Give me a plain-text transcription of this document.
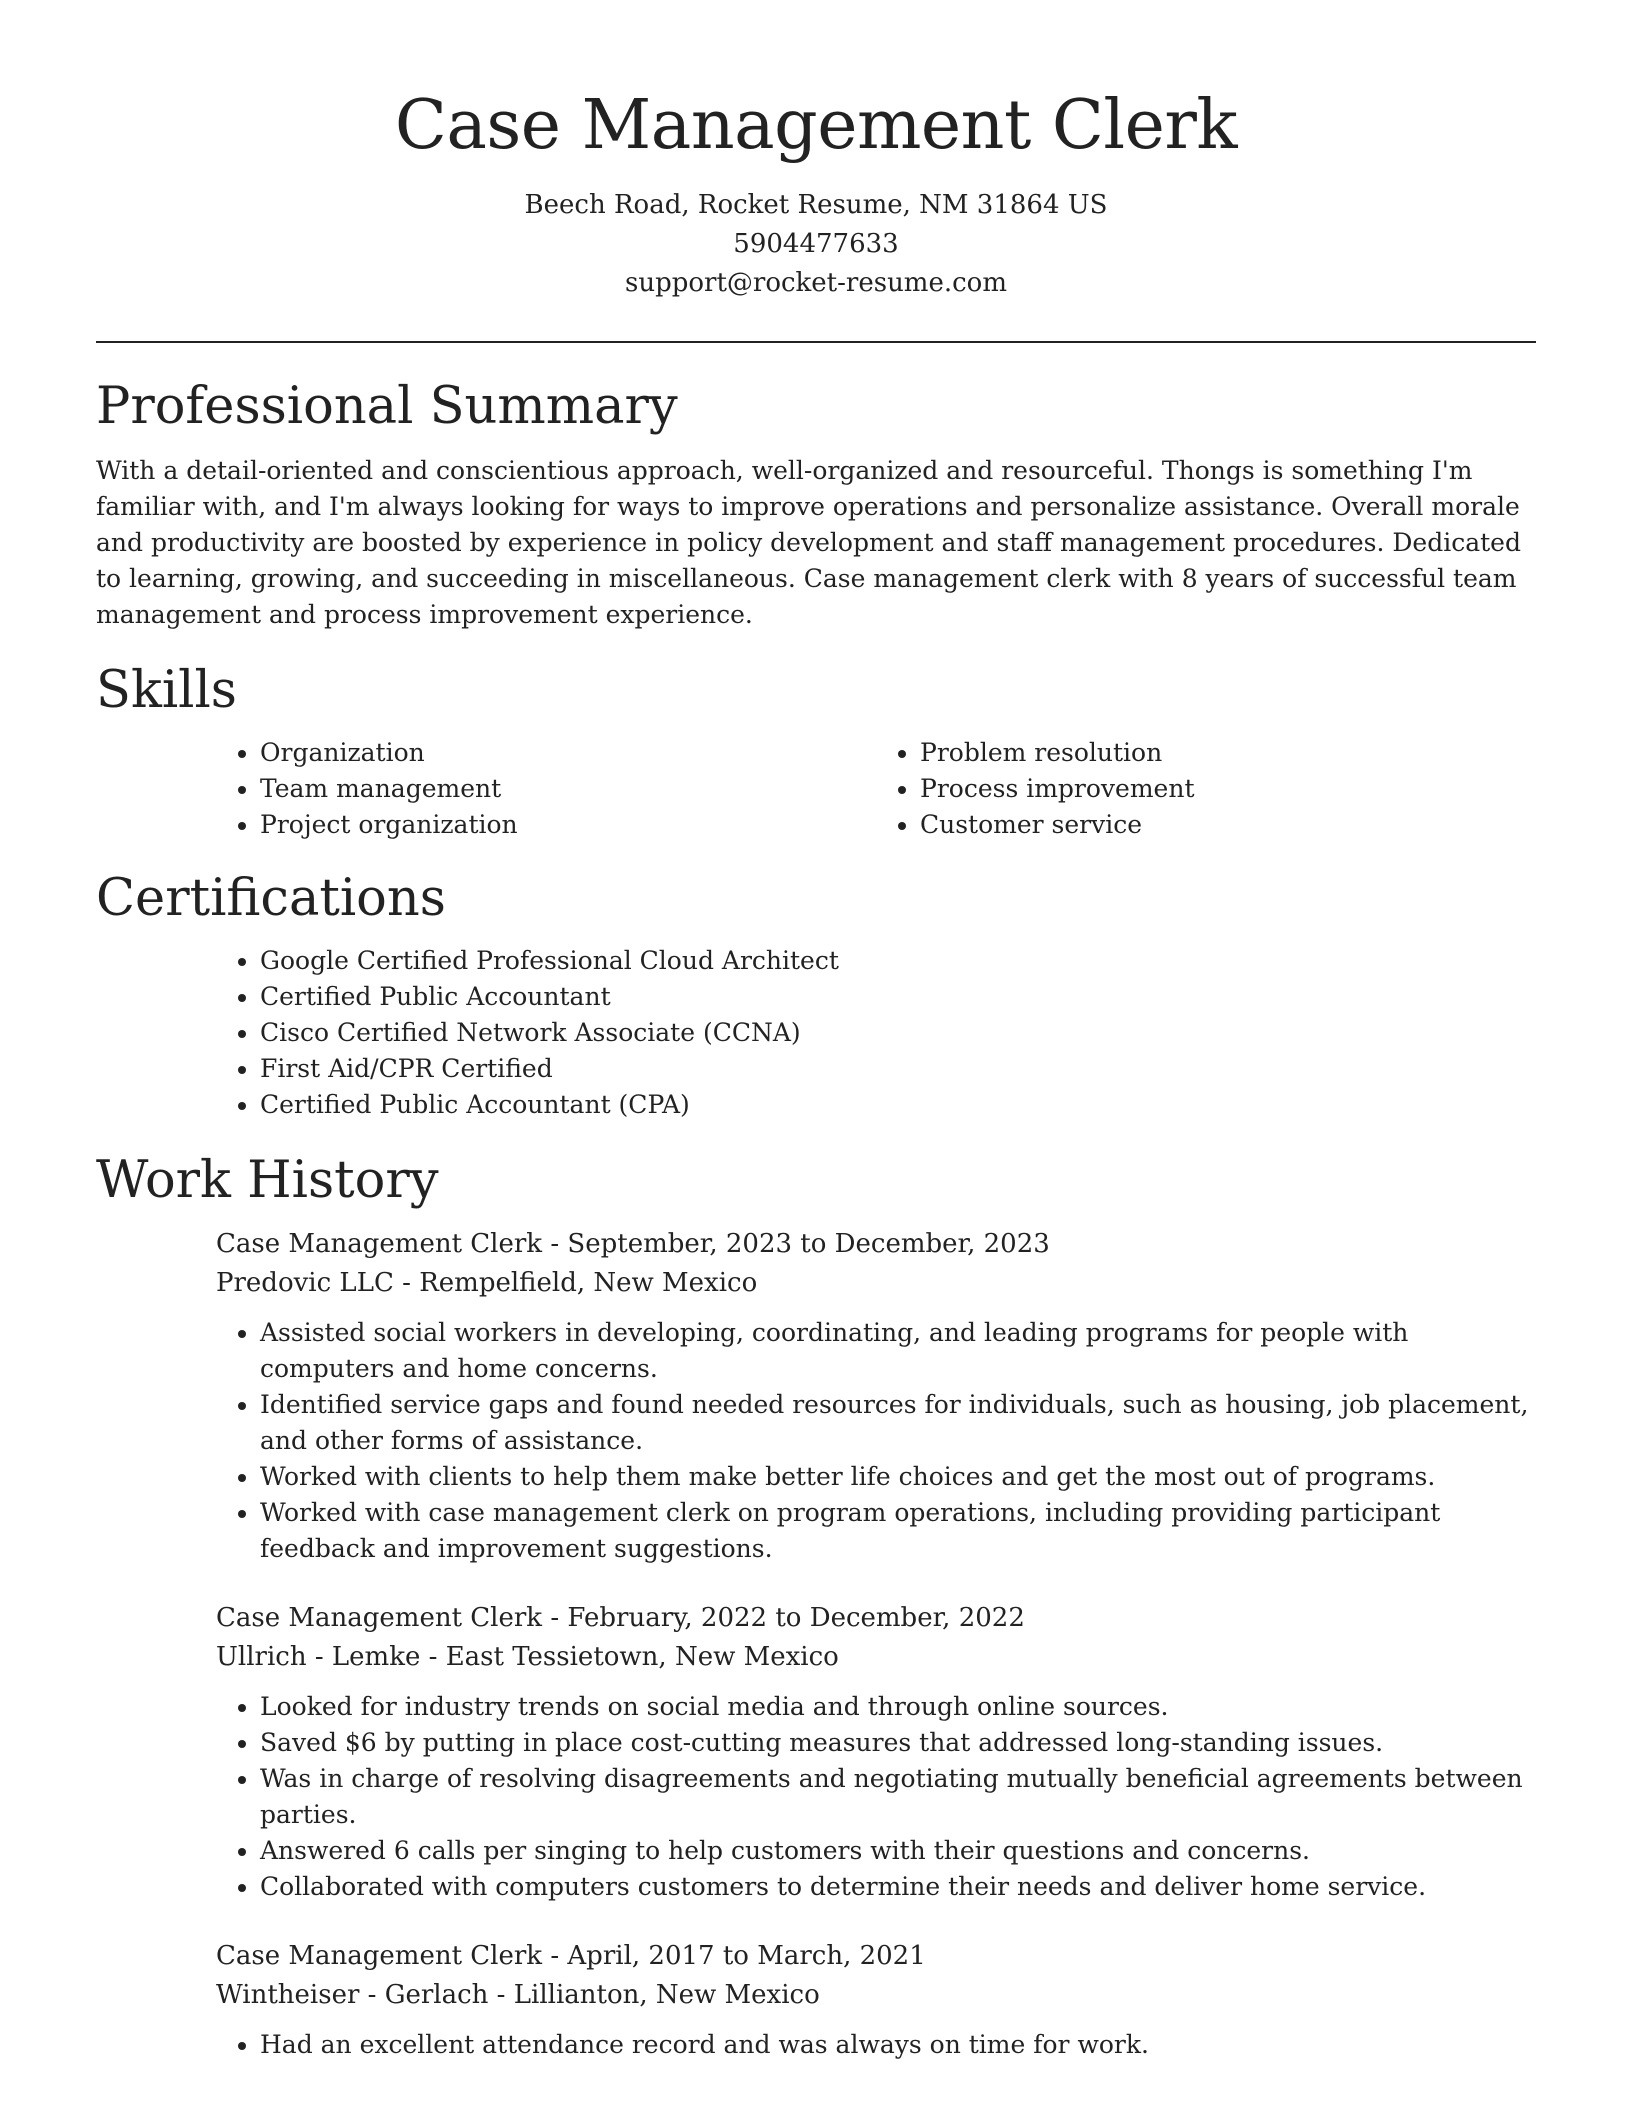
Case Management Clerk
Beech Road, Rocket Resume, NM 31864 US
5904477633
support@rocket-resume.com
Professional Summary

With a detail-oriented and conscientious approach, well-organized and resourceful. Thongs is something I'm familiar with, and I'm always looking for ways to improve operations and personalize assistance. Overall morale and productivity are boosted by experience in policy development and staff management procedures. Dedicated to learning, growing, and succeeding in miscellaneous. Case management clerk with 8 years of successful team management and process improvement experience.

Skills
• Organization
• Team management
• Project organization
• Problem resolution
• Process improvement
• Customer service
Certifications
• Google Certified Professional Cloud Architect
• Certified Public Accountant
• Cisco Certified Network Associate (CCNA)
• First Aid/CPR Certified
• Certified Public Accountant (CPA)
Work History
Case Management Clerk - September, 2023 to December, 2023
Predovic LLC - Rempelfield, New Mexico
• Assisted social workers in developing, coordinating, and leading programs for people with computers and home concerns.
• Identified service gaps and found needed resources for individuals, such as housing, job placement, and other forms of assistance.
• Worked with clients to help them make better life choices and get the most out of programs.
• Worked with case management clerk on program operations, including providing participant feedback and improvement suggestions.
Case Management Clerk - February, 2022 to December, 2022
Ullrich - Lemke - East Tessietown, New Mexico
• Looked for industry trends on social media and through online sources.
• Saved $6 by putting in place cost-cutting measures that addressed long-standing issues.
• Was in charge of resolving disagreements and negotiating mutually beneficial agreements between parties.
• Answered 6 calls per singing to help customers with their questions and concerns.
• Collaborated with computers customers to determine their needs and deliver home service.
Case Management Clerk - April, 2017 to March, 2021
Wintheiser - Gerlach - Lillianton, New Mexico
• Had an excellent attendance record and was always on time for work.
